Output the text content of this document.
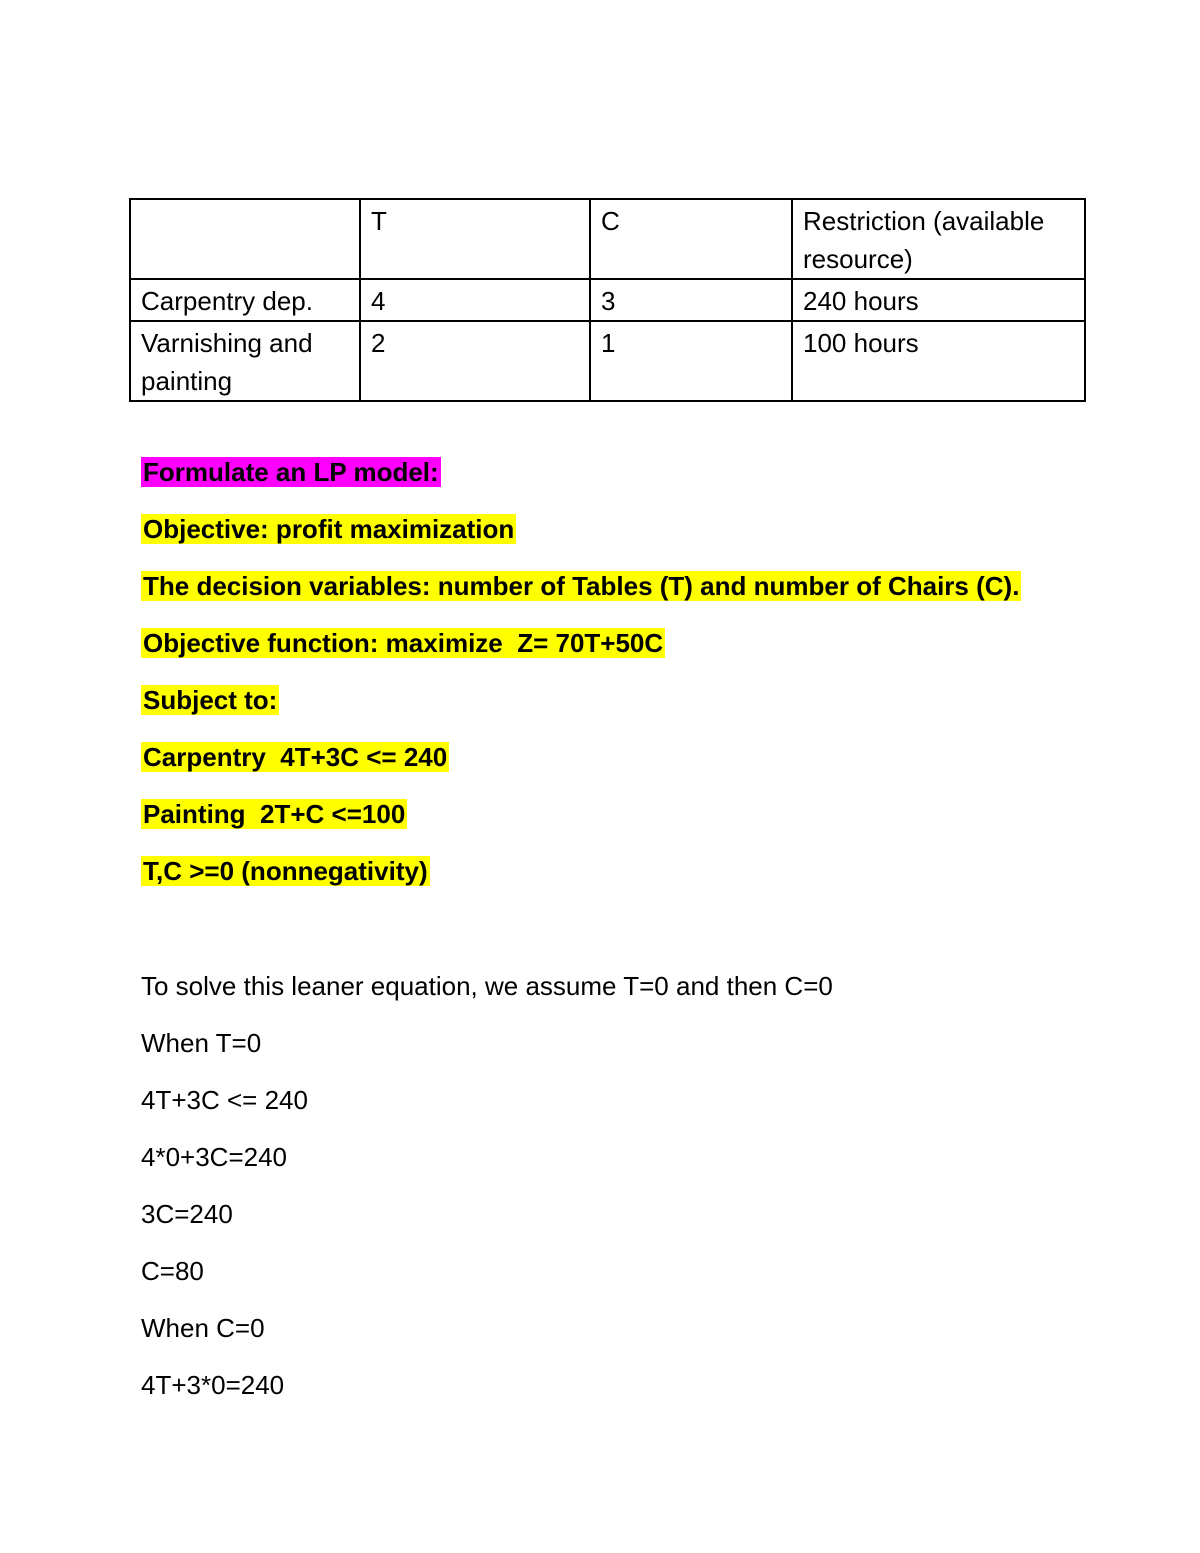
	T	C	Restriction (available resource)
Carpentry dep.	4	3	240 hours
Varnishing and painting	2	1	100 hours
Formulate an LP model:
Objective: profit maximization
The decision variables: number of Tables (T) and number of Chairs (C).
Objective function: maximize  Z= 70T+50C
Subject to:
Carpentry  4T+3C <= 240
Painting  2T+C <=100
T,C >=0 (nonnegativity)
To solve this leaner equation, we assume T=0 and then C=0
When T=0
4T+3C <= 240
4*0+3C=240
3C=240
C=80
When C=0
4T+3*0=240
